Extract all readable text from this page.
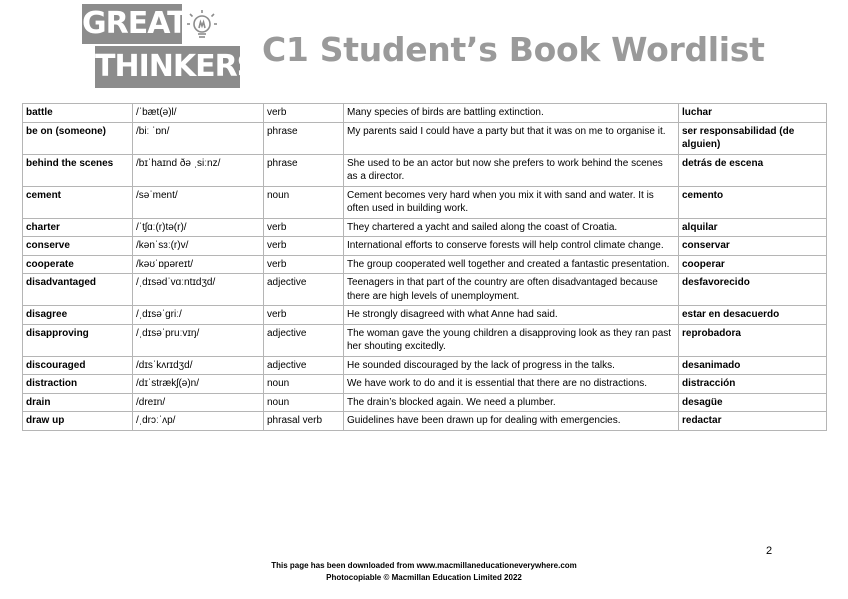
GREAT
THINKERS C1 Student’s Book Wordlist
battle	/ˈbæt(ə)l/	verb	Many species of birds are battling extinction.	luchar
be on (someone)	/biː ˈɒn/	phrase	My parents said I could have a party but that it was on me to organise it.	ser responsabilidad (de alguien)
behind the scenes	/bɪˈhaɪnd ðə ˌsiːnz/	phrase	She used to be an actor but now she prefers to work behind the scenes as a director.	detrás de escena
cement	/səˈment/	noun	Cement becomes very hard when you mix it with sand and water. It is often used in building work.	cemento
charter	/ˈtʃɑː(r)tə(r)/	verb	They chartered a yacht and sailed along the coast of Croatia.	alquilar
conserve	/kənˈsɜː(r)v/	verb	International efforts to conserve forests will help control climate change.	conservar
cooperate	/kəʊˈɒpəreɪt/	verb	The group cooperated well together and created a fantastic presentation.	cooperar
disadvantaged	/ˌdɪsədˈvɑːntɪdʒd/	adjective	Teenagers in that part of the country are often disadvantaged because there are high levels of unemployment.	desfavorecido
disagree	/ˌdɪsəˈɡriː/	verb	He strongly disagreed with what Anne had said.	estar en desacuerdo
disapproving	/ˌdɪsəˈpruːvɪŋ/	adjective	The woman gave the young children a disapproving look as they ran past her shouting excitedly.	reprobadora
discouraged	/dɪsˈkʌrɪdʒd/	adjective	He sounded discouraged by the lack of progress in the talks.	desanimado
distraction	/dɪˈstrækʃ(ə)n/	noun	We have work to do and it is essential that there are no distractions.	distracción
drain	/dreɪn/	noun	The drain’s blocked again. We need a plumber.	desagüe
draw up	/ˌdrɔːˈʌp/	phrasal verb	Guidelines have been drawn up for dealing with emergencies.	redactar
2
This page has been downloaded from www.macmillaneducationeverywhere.com
Photocopiable © Macmillan Education Limited 2022
